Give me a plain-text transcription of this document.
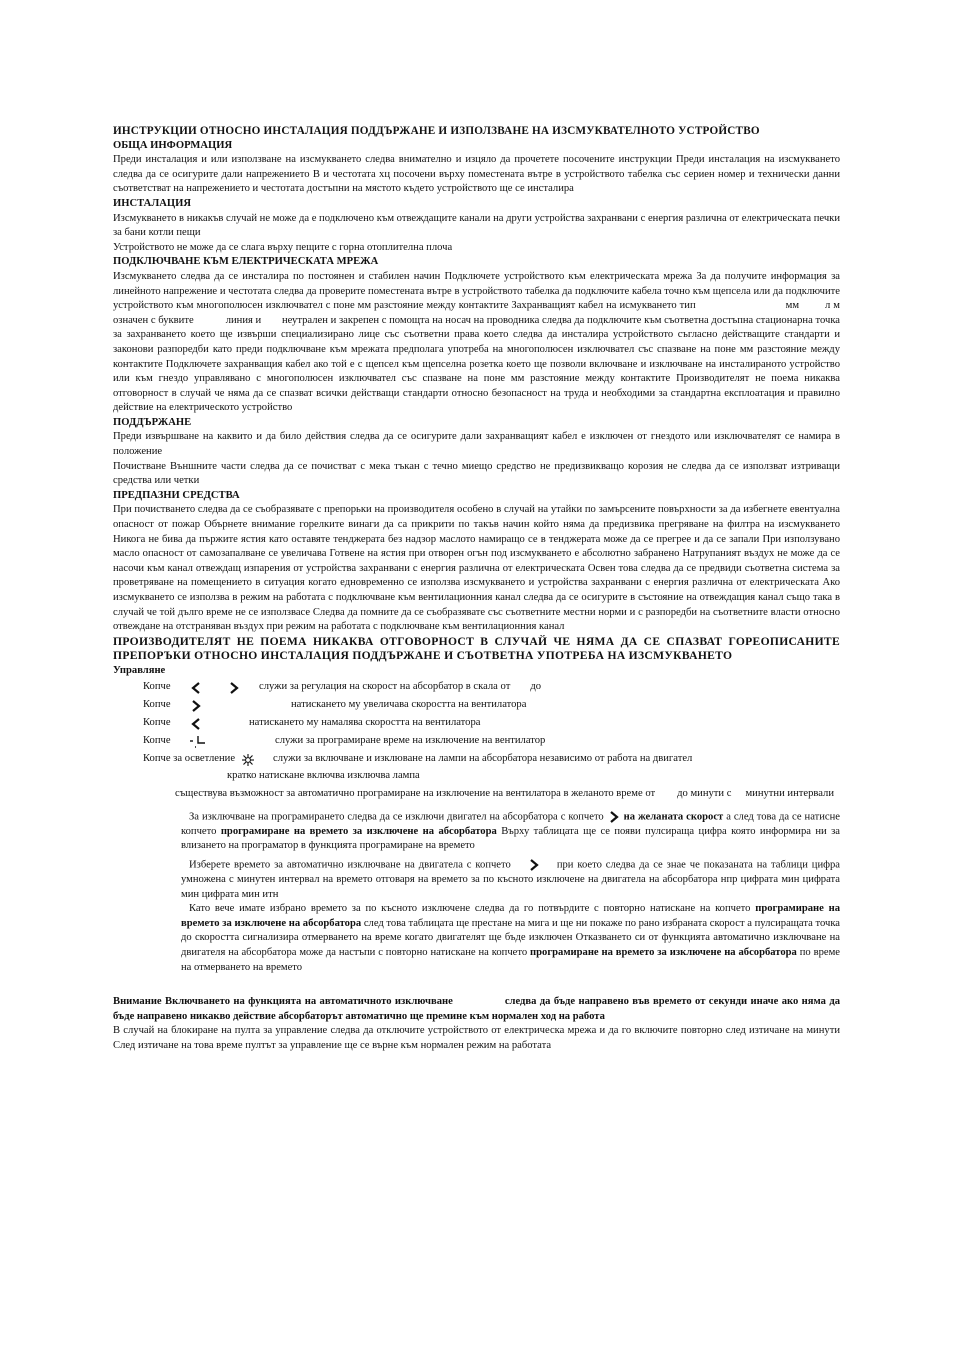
ИНСТРУКЦИИ ОТНОСНО ИНСТАЛАЦИЯ ПОДДЪРЖАНЕ И ИЗПОЛЗВАНЕ НА ИЗСМУКВАТЕЛНОТО УСТРОЙСТВО

ОБЩА ИНФОРМАЦИЯ

Преди инсталация и или използване на изсмукването следва внимателно и изцяло да прочетете посочените инструкции Преди инсталация на изсмукването следва да се осигурите дали напрежението В и честотата хц посочени върху поместената вътре в устройството табелка със сериен номер и технически данни съответстват на напрежението и честотата достъпни на мястото където устройството ще се инсталира

ИНСТАЛАЦИЯ

Изсмукването в никакъв случай не може да е подключено към отвеждащите канали на други устройства захранвани с енергия различна от електрическата печки за бани котли пещи

Устройството не може да се слага върху пещите с горна отоплителна плоча

ПОДКЛЮЧВАНЕ КЪМ ЕЛЕКТРИЧЕСКАТА МРЕЖА

Изсмукването следва да се инсталира по постоянен и стабилен начин Подключете устройството към електрическата мрежа За да получите информация за линейното напрежение и честотата следва да проверите поместената вътре в устройството табелка да подключите кабела точно към щепсела или да подключите устройството към многополюсен изключвател с поне мм разстояние между контактите Захранващият кабел на исмукването тип	мм л м означен с буквите	линия и неутрален и закрепен с помощта на носач на проводника следва да подключите към съответна достъпна стационарна точка за захранването което ще извърши специализирано лице със съответни права което следва да инсталира устройството съгласно действащите стандарти и законови разпоредби като преди подключване към мрежата предполага употреба на многополюсен изключвател със спазване на поне мм разстояние между контактите Подключете захранващия кабел ако той е с щепсел към щепселна розетка което ще позволи включване и изключване на инсталираното устройство или към гнездо управлявано с многополюсен изключвател със спазване на поне мм разстояние между контактите Производителят не поема никаква отговорност в случай че няма да се спазват всички действащи стандарти относно безопасност на труда и необходими за стандартна експлоатация и правилно действие на електрическото устройство

ПОДДЪРЖАНЕ

Преди извършване на каквито и да било действия следва да се осигурите дали захранващият кабел е изключен от гнездото или изключвателят се намира в положение

Почистване Външните части следва да се почистват с мека тъкан с течно миещо средство не предизвикващо корозия не следва да се използват изтриващи средства или четки

ПРЕДПАЗНИ СРЕДСТВА

При почистването следва да се съобразявате с препорьки на производителя особено в случай на утайки по замърсените повърхности за да избегнете евентуална опасност от пожар Обърнете внимание горелките винаги да са прикрити по такъв начин който няма да предизвика прегряване на филтра на изсмукването Никога не бива да пържите ястия като оставяте тенджерата без надзор маслото намиращо се в тенджерата може да се прегрее и да се запали При използувано масло опасност от самозапалване се увеличава Готвене на ястия при отворен огън под изсмукването е абсолютно забранено Натрупаният въздух не може да се насочи към канал отвеждащ изпарения от устройства захранвани с енергия различна от електрическата Освен това следва да се предвиди съответна система за проветряване на помещението в ситуация когато едновременно се използва изсмукването и устройства захранвани с енергия различна от електрическата Ако изсмукването се използва в режим на работата с подключване към вентилационния канал следва да се осигурите в състояние на отвеждащия канал също така в случай че той дълго време не се използвасе Следва да помните да се съобразявате със съответните местни норми и с разпоредби на съответните власти относно отвеждане на отстраняван въздух при режим на работата с подключване към вентилационния канал

ПРОИЗВОДИТЕЛЯТ НЕ ПОЕМА НИКАКВА ОТГОВОРНОСТ В СЛУЧАЙ ЧЕ НЯМА ДА СЕ СПАЗВАТ ГОРЕОПИСАНИТЕ ПРЕПОРЪКИ ОТНОСНО ИНСТАЛАЦИЯ ПОДДЪРЖАНЕ И СЪОТВЕТНА УПОТРЕБА НА ИЗСМУКВАНЕТО

Управляне

Копче	служи за регулация на скорост на абсорбатор в скала от до
Копче	натискането му увеличава скоростта на вентилатора
Копче	натискането му намалява скоростта на вентилатора
Копче	служи за програмиране време на изключение на вентилатор
Копче за осветление	служи за включване и изклюване на лампи на абсорбатора независимо от работа на двигател

кратко натискане включва изключва лампа

съществува възможност за автоматично програмиране на изключение на вентилатора в желаното време от до минути с минутни интервали

За изключване на програмирането следва да се изключи двигател на абсорбатора с копчето на желаната скорост а след това да се натисне копчето програмиране на времето за изключене на абсорбатора Върху таблицата ще се появи пулсираща цифра която информира ни за влизането на програматор в функцията програмиране на времето

Изберете времето за автоматично изключване на двигатела с копчето	при което следва да се знае че показаната на таблици цифра умножена с минутен интервал на времето отговаря на времето за по късното изключене на двигатела на абсорбатора нпр цифрата мин цифрата мин цифрата мин итн

Като вече имате избрано времето за по късното изключене следва да го потвърдите с повторно натискане на копчето програмиране на времето за изключене на абсорбатора след това таблицата ще престане на мига и ще ни покаже по рано избраната скорост а пулсиращата точка до скоростта сигнализира отмерването на време когато двигателят ще бъде изключен Отказването си от функцията автоматично изключване на двигателя на абсорбатора може да настъпи с повторно натискане на копчето програмиране на времето за изключене на абсорбатора по време на отмерването на времето

Внимание Включването на функцията на автоматичното изключване	следва да бъде направено във времето от секунди иначе ако няма да бъде направено никакво действие абсорбаторът автоматично ще премине към нормален ход на работа

В случай на блокиране на пулта за управление следва да отключите устройството от електрическа мрежа и да го включите повторно след изтичане на минути След изтичане на това време пултът за управление ще се върне към нормален режим на работата
